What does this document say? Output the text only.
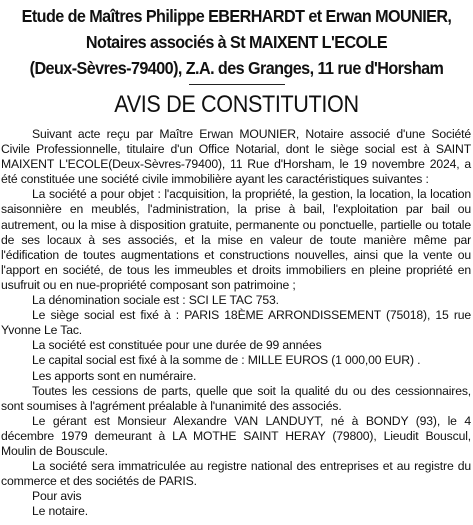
Etude de Maîtres Philippe EBERHARDT et Erwan MOUNIER,
Notaires associés à St MAIXENT L'ECOLE
(Deux-Sèvres-79400), Z.A. des Granges, 11 rue d'Horsham
AVIS DE CONSTITUTION

Suivant acte reçu par Maître Erwan MOUNIER, Notaire associé d'une Société Civile Professionnelle, titulaire d'un Office Notarial, dont le siège social est à SAINT MAIXENT L'ECOLE(Deux-Sèvres-79400), 11 Rue d'Horsham, le 19 novembre 2024, a été constituée une société civile immobilière ayant les caractéristiques suivantes :

La société a pour objet : l'acquisition, la propriété, la gestion, la location, la location saisonnière en meublés, l'administration, la prise à bail, l'exploitation par bail ou autrement, ou la mise à disposition gratuite, permanente ou ponctuelle, partielle ou totale de ses locaux à ses associés, et la mise en valeur de toute manière même par l'édification de toutes augmentations et constructions nouvelles, ainsi que la vente ou l'apport en société, de tous les immeubles et droits immobiliers en pleine propriété en usufruit ou en nue-propriété composant son patrimoine ;

La dénomination sociale est : SCI LE TAC 753.

Le siège social est fixé à : PARIS 18ÈME ARRONDISSEMENT (75018), 15 rue Yvonne Le Tac.

La société est constituée pour une durée de 99 années

Le capital social est fixé à la somme de : MILLE EUROS (1 000,00 EUR) .

Les apports sont en numéraire.

Toutes les cessions de parts, quelle que soit la qualité du ou des cessionnaires, sont soumises à l'agrément préalable à l'unanimité des associés.

Le gérant est Monsieur Alexandre VAN LANDUYT, né à BONDY (93), le 4 décembre 1979 demeurant à LA MOTHE SAINT HERAY (79800), Lieudit Bouscul, Moulin de Bouscule.

La société sera immatriculée au registre national des entreprises et au registre du commerce et des sociétés de PARIS.

Pour avis

Le notaire.
